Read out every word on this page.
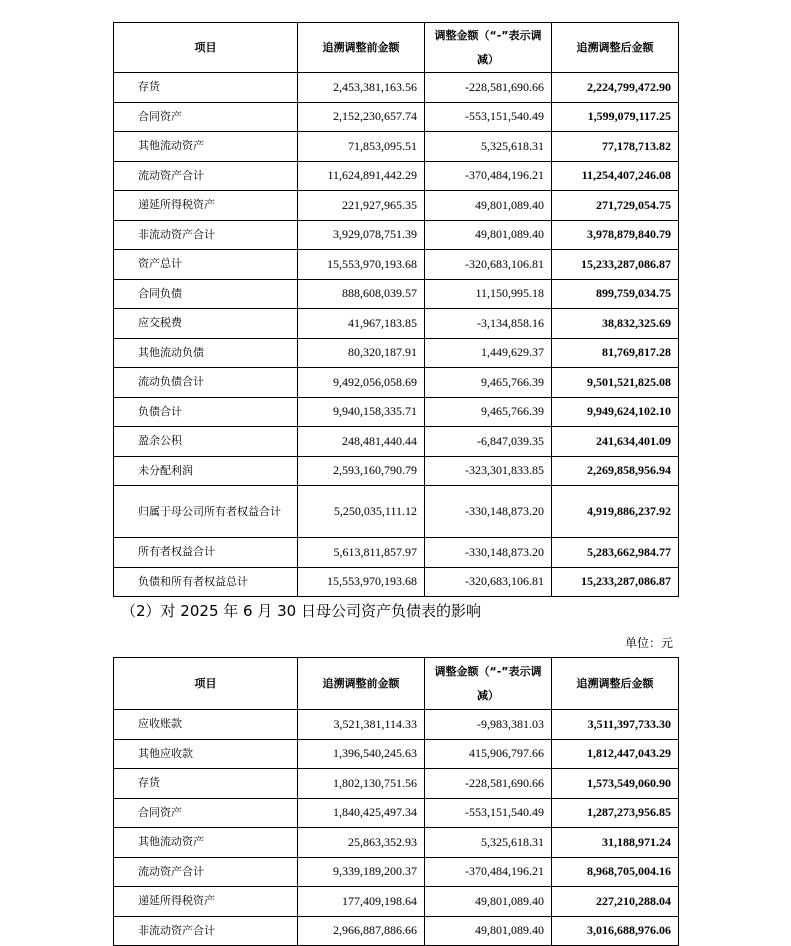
项目	追溯调整前金额	调整金额（“-”表示调减）	追溯调整后金额
存货	2,453,381,163.56	-228,581,690.66	2,224,799,472.90
合同资产	2,152,230,657.74	-553,151,540.49	1,599,079,117.25
其他流动资产	71,853,095.51	5,325,618.31	77,178,713.82
流动资产合计	11,624,891,442.29	-370,484,196.21	11,254,407,246.08
递延所得税资产	221,927,965.35	49,801,089.40	271,729,054.75
非流动资产合计	3,929,078,751.39	49,801,089.40	3,978,879,840.79
资产总计	15,553,970,193.68	-320,683,106.81	15,233,287,086.87
合同负债	888,608,039.57	11,150,995.18	899,759,034.75
应交税费	41,967,183.85	-3,134,858.16	38,832,325.69
其他流动负债	80,320,187.91	1,449,629.37	81,769,817.28
流动负债合计	9,492,056,058.69	9,465,766.39	9,501,521,825.08
负债合计	9,940,158,335.71	9,465,766.39	9,949,624,102.10
盈余公积	248,481,440.44	-6,847,039.35	241,634,401.09
未分配利润	2,593,160,790.79	-323,301,833.85	2,269,858,956.94
归属于母公司所有者权益合计	5,250,035,111.12	-330,148,873.20	4,919,886,237.92
所有者权益合计	5,613,811,857.97	-330,148,873.20	5,283,662,984.77
负债和所有者权益总计	15,553,970,193.68	-320,683,106.81	15,233,287,086.87
（2）对 2025 年 6 月 30 日母公司资产负债表的影响
单位：元
项目	追溯调整前金额	调整金额（“-”表示调减）	追溯调整后金额
应收账款	3,521,381,114.33	-9,983,381.03	3,511,397,733.30
其他应收款	1,396,540,245.63	415,906,797.66	1,812,447,043.29
存货	1,802,130,751.56	-228,581,690.66	1,573,549,060.90
合同资产	1,840,425,497.34	-553,151,540.49	1,287,273,956.85
其他流动资产	25,863,352.93	5,325,618.31	31,188,971.24
流动资产合计	9,339,189,200.37	-370,484,196.21	8,968,705,004.16
递延所得税资产	177,409,198.64	49,801,089.40	227,210,288.04
非流动资产合计	2,966,887,886.66	49,801,089.40	3,016,688,976.06
